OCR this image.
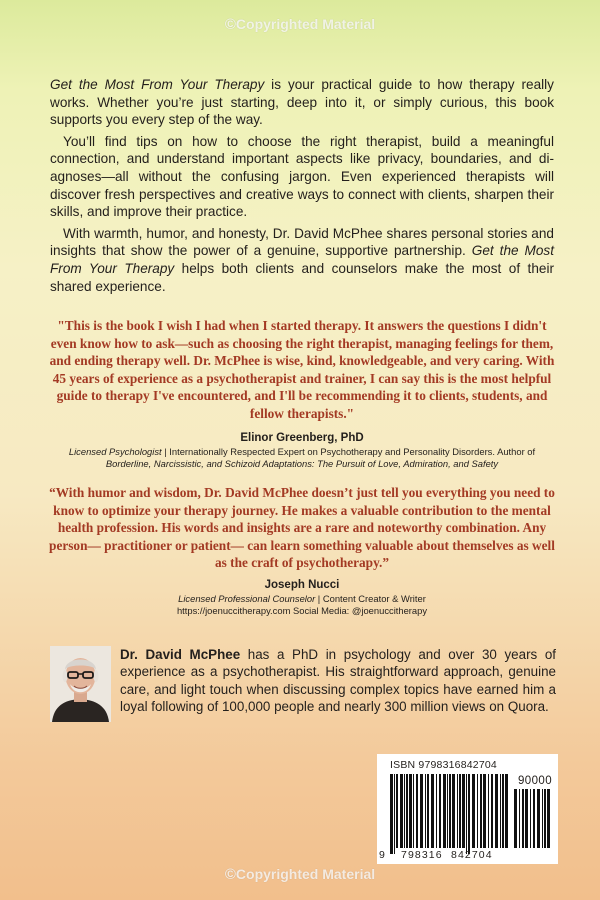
©Copyrighted Material

Get the Most From Your Therapy is your practical guide to how therapy really works. Whether you’re just starting, deep into it, or simply curious, this book supports you every step of the way.

You’ll find tips on how to choose the right therapist, build a meaningful connection, and understand important aspects like privacy, boundaries, and diagnoses—all without the confusing jargon. Even experienced therapists will discover fresh perspectives and creative ways to connect with clients, sharpen their skills, and improve their practice.

With warmth, humor, and honesty, Dr. David McPhee shares personal stories and insights that show the power of a genuine, supportive partnership. Get the Most From Your Therapy helps both clients and counselors make the most of their shared experience.

"This is the book I wish I had when I started therapy. It answers the questions I didn't even know how to ask—such as choosing the right therapist, managing feelings for them, and ending therapy well. Dr. McPhee is wise, kind, knowledgeable, and very caring. With 45 years of experience as a psychotherapist and trainer, I can say this is the most helpful guide to therapy I've encountered, and I'll be recommending it to clients, students, and fellow therapists."
Elinor Greenberg, PhD
Licensed Psychologist | Internationally Respected Expert on Psychotherapy and Personality Disorders. Author of
Borderline, Narcissistic, and Schizoid Adaptations: The Pursuit of Love, Admiration, and Safety
“With humor and wisdom, Dr. David McPhee doesn’t just tell you everything you need to know to optimize your therapy journey. He makes a valuable contribution to the mental health profession. His words and insights are a rare and noteworthy combination. Any person— practitioner or patient— can learn something valuable about themselves as well as the craft of psychotherapy.”
Joseph Nucci
Licensed Professional Counselor | Content Creator & Writer
https://joenuccitherapy.com Social Media: @joenuccitherapy
Dr. David McPhee has a PhD in psychology and over 30 years of experience as a psychotherapist. His straightforward approach, genuine care, and light touch when discussing complex topics have earned him a loyal following of 100,000 people and nearly 300 million views on Quora.
ISBN 9798316842704
90000
9 798316 842704
©Copyrighted Material
